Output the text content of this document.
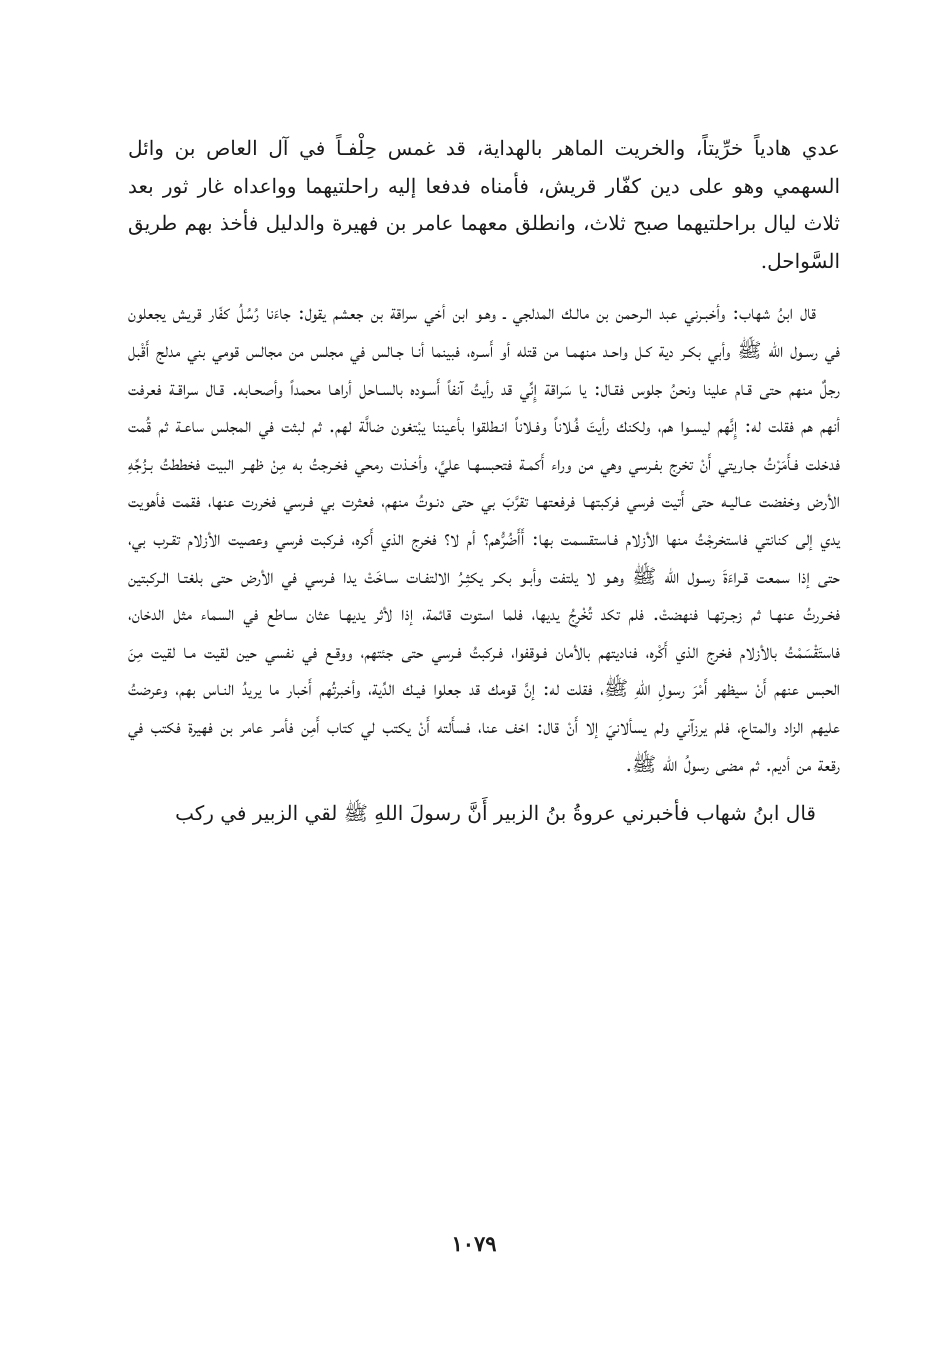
عدي هادياً خرِّيتاً، والخريت الماهر بالهداية، قد غمس حِلْفـاً في آل العاص بن وائل السهمي وهو على دين كفّار قريش، فأمناه فدفعا إليه راحلتيهما وواعداه غار ثور بعد ثلاث ليال براحلتيهما صبح ثلاث، وانطلق معهما عامر بن فهيرة والدليل فأخذ بهم طريق السَّواحل.

قال ابنُ شهاب: وأخبـرني عبد الـرحمن بن مالـك المدلجي ـ وهـو ابن أخي سراقة بن جعشم يقول: جاءَنا رُسُلُ كفّار قريش يجعلون في رسـول الله ﷺ وأبي بكـر دية كـل واحـد منهمـا من قتله أو أَسـره، فبينما أنـا جـالس في مجلس من مجالس قومي بني مدلج أَقْبل رجلٌ منهم حتى قـام علينا ونحنُ جلوس فقـال: يا سَراقة إِنِّي قد رأيتُ آنفاً أَسـوده بالسـاحل أراهـا محمداً وأصحـابه. قـال سراقـة فعرفت أنهم هم فقلت له: إِنَّهم ليسـوا هم، ولكنك رأيتَ فُـلاناً وفـلاناً انـطلقوا بأعيننا يبْتغون ضالَّة لهم. ثم لبثت في المجلس ساعـة ثم قُمت فدخلت فـأَمَرْتُ جـاريتي أَنْ تخرج بفـرسي وهي من وراء أَكمـة فتحبسهـا عليَّ، وأخـذت رمحي فخـرجتُ به مِنْ ظهـر البيت فخططتُ بـزُجِّهِ الأرض وخفضت عـاليـه حتى أَتيت فرسي فركبتهـا فرفعتهـا تقرَّبَ بي حتى دنـوتُ منهم، فعثرت بي فـرسي فخررت عنها، فقمت فأهويت يدي إلى كنانتي فاستخرجْتُ منها الأزلام فـاستقسمت بها: أَأَضُرُّهم؟ أم لا؟ فخرج الذي أَكره، فـركبت فرسي وعصيت الأزلام تقـرب بي، حتى إذا سمعت قـراءَةَ رسـول الله ﷺ وهـو لا يلتفت وأبـو بكـر يكثِـرُ الالتفـات سـاخَتْ يدا فـرسي في الأرض حتى بلغتـا الـركبتين فخـررتُ عنهـا ثم زجـرتهـا فنهضتْ. فلم تكد تُخْرِجُ يديها، فلما استوت قائمة، إذا لأثر يديهـا عثان سـاطع في السماء مثل الدخان، فاستَقْسَمْتُ بالأزلام فخرج الذي أَكْره، فناديتهم بالأمان فـوقفوا، فـركبتُ فـرسي حتى جئتهم، ووقـع في نفسي حين لقيت مـا لقيت مِنَ الحبس عنهم أَنْ سيظهر أَمْرَ رسولِ اللهِ ﷺ، فقلت له: إنَّ قومك قد جعلوا فيـك الدِّية، وأخبرتُهم أَخبار ما يريدُ النـاس بهم، وعرضتُ عليهم الزاد والمتاع، فلم يرزآني ولم يسألانيَ إلا أَنْ قال: اخف عنا، فسأَلته أَنْ يكتب لي كتاب أَمِن فأمـر عامر بن فهيرة فكتب في رقعة من أديم. ثم مضى رسولُ الله ﷺ.

قال ابنُ شهاب فأخبرني عروةُ بنُ الزبير أَنَّ رسولَ اللهِ ﷺ لقي الزبير في ركب

١٠٧٩
